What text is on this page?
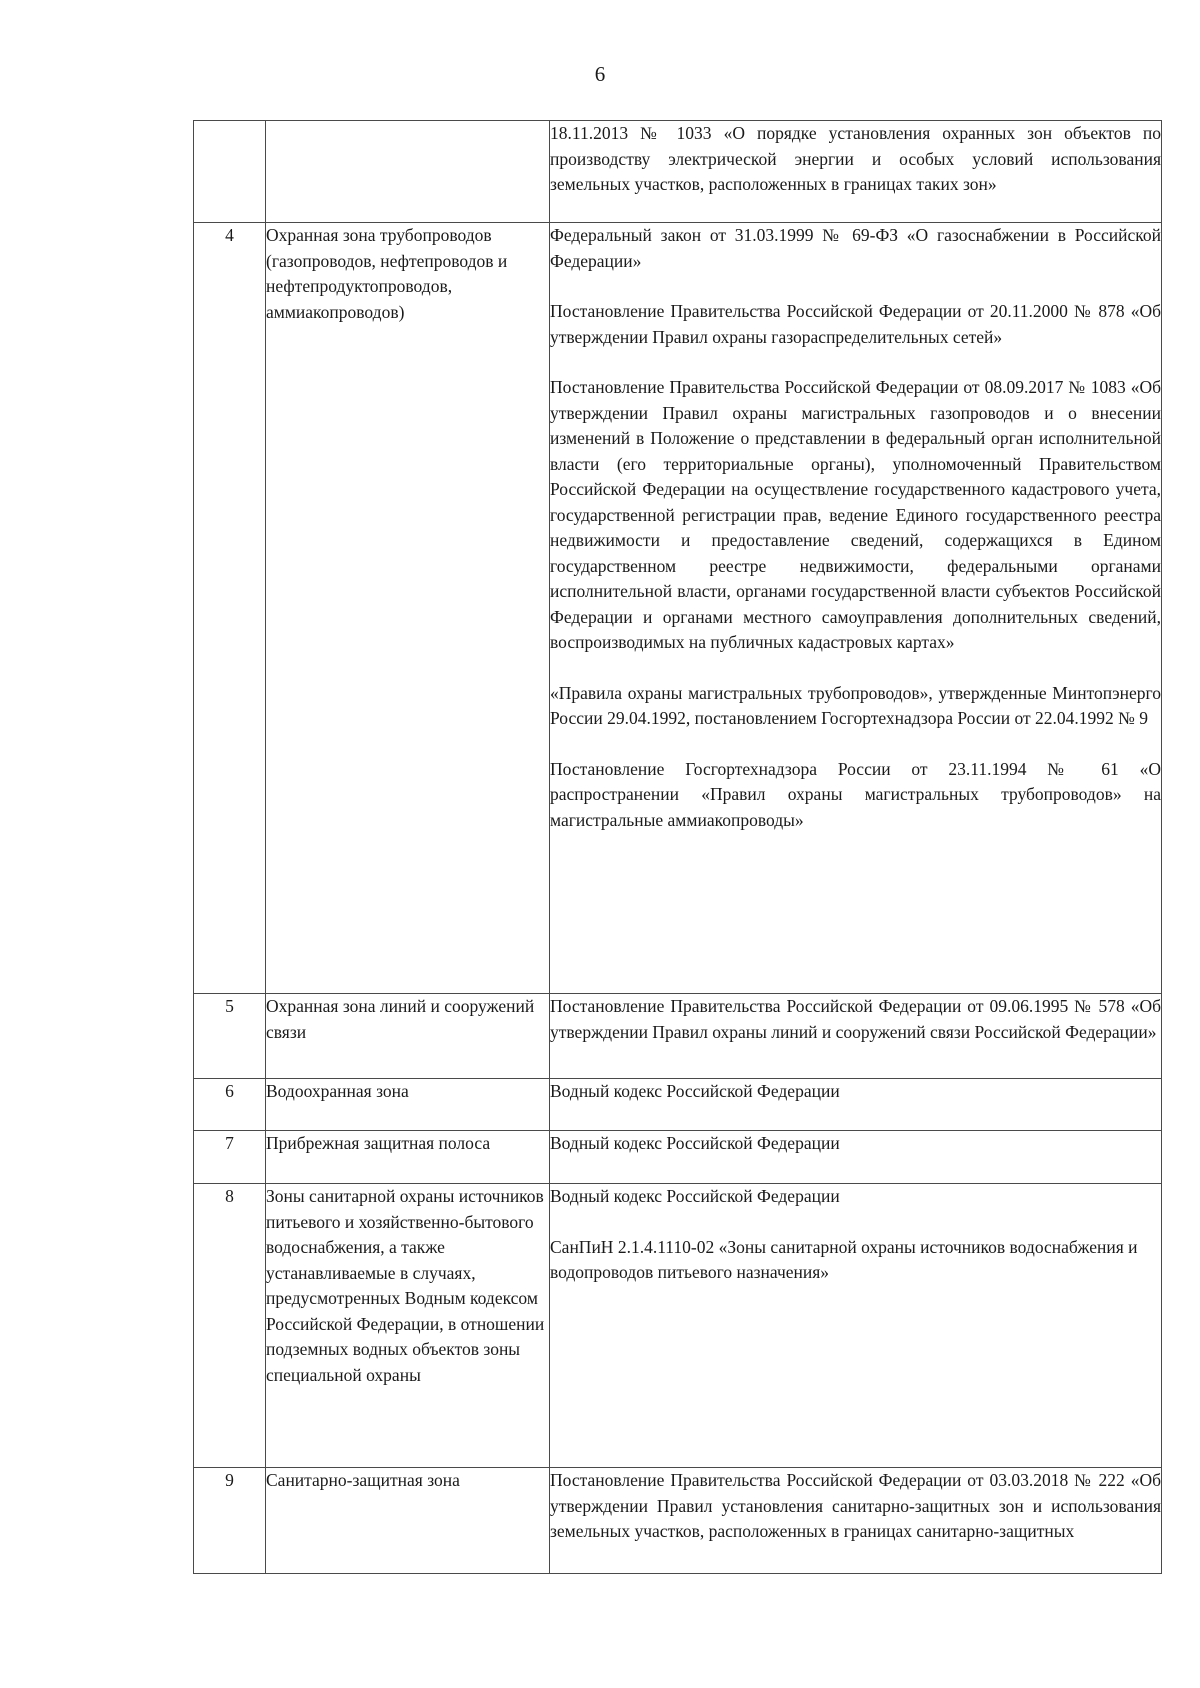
6

		18.11.2013 № 1033 «О порядке установления охранных зон объектов по производству электрической энергии и особых условий использования земельных участков, расположенных в границах таких зон»

4	Охранная зона трубопроводов (газопроводов, нефтепроводов и нефтепродуктопроводов, аммиакопроводов)	Федеральный закон от 31.03.1999 № 69-ФЗ «О газоснабжении в Российской Федерации»

Постановление Правительства Российской Федерации от 20.11.2000 № 878 «Об утверждении Правил охраны газораспределительных сетей»

Постановление Правительства Российской Федерации от 08.09.2017 № 1083 «Об утверждении Правил охраны магистральных газопроводов и о внесении изменений в Положение о представлении в федеральный орган исполнительной власти (его территориальные органы), уполномоченный Правительством Российской Федерации на осуществление государственного кадастрового учета, государственной регистрации прав, ведение Единого государственного реестра недвижимости и предоставление сведений, содержащихся в Едином государственном реестре недвижимости, федеральными органами исполнительной власти, органами государственной власти субъектов Российской Федерации и органами местного самоуправления дополнительных сведений, воспроизводимых на публичных кадастровых картах»

«Правила охраны магистральных трубопроводов», утвержденные Минтопэнерго России 29.04.1992, постановлением Госгортехнадзора России от 22.04.1992 № 9

Постановление Госгортехнадзора России от 23.11.1994 № 61 «О распространении «Правил охраны магистральных трубопроводов» на магистральные аммиакопроводы»

5	Охранная зона линий и сооружений связи	Постановление Правительства Российской Федерации от 09.06.1995 № 578 «Об утверждении Правил охраны линий и сооружений связи Российской Федерации»

6	Водоохранная зона	Водный кодекс Российской Федерации

7	Прибрежная защитная полоса	Водный кодекс Российской Федерации

8	Зоны санитарной охраны источников питьевого и хозяйственно-бытового водоснабжения, а также устанавливаемые в случаях, предусмотренных Водным кодексом Российской Федерации, в отношении подземных водных объектов зоны специальной охраны	Водный кодекс Российской Федерации

СанПиН 2.1.4.1110-02 «Зоны санитарной охраны источников водоснабжения и водопроводов питьевого назначения»

9	Санитарно-защитная зона	Постановление Правительства Российской Федерации от 03.03.2018 № 222 «Об утверждении Правил установления санитарно-защитных зон и использования земельных участков, расположенных в границах санитарно-защитных
